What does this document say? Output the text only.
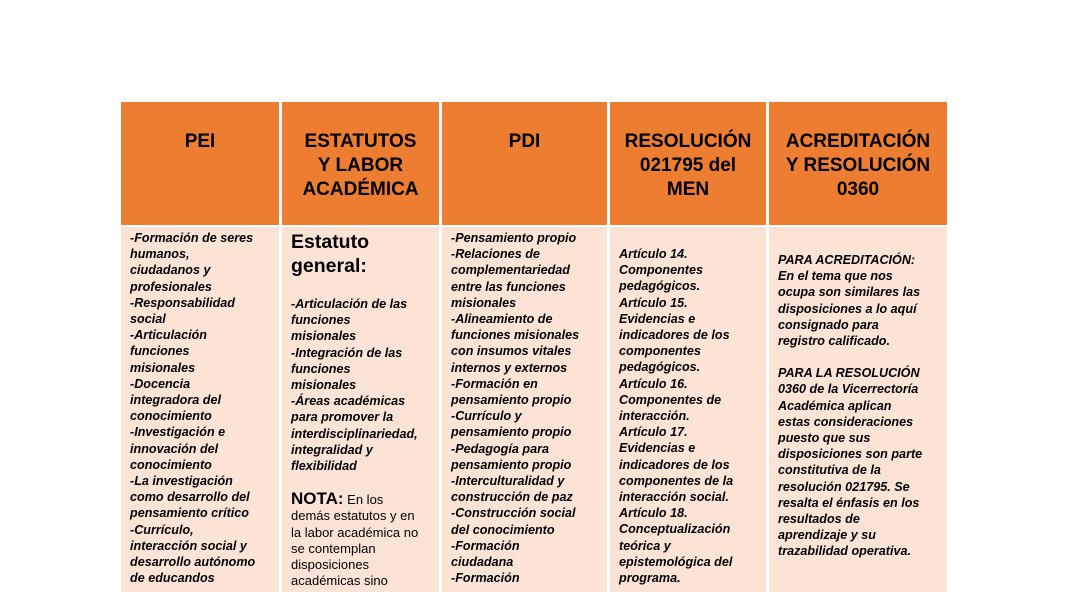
PEI
-Formación de seres
humanos,
ciudadanos y
profesionales
-Responsabilidad
social
-Articulación
funciones
misionales
-Docencia
integradora del
conocimiento
-Investigación e
innovación del
conocimiento
-La investigación
como desarrollo del
pensamiento crítico
-Currículo,
interacción social y
desarrollo autónomo
de educandos
ESTATUTOS
Y LABOR
ACADÉMICA
Estatuto
general:
-Articulación de las
funciones
misionales
-Integración de las
funciones
misionales
-Áreas académicas
para promover la
interdisciplinariedad,
integralidad y
flexibilidad
NOTA: En los
demás estatutos y en
la labor académica no
se contemplan
disposiciones
académicas sino
PDI
-Pensamiento propio
-Relaciones de
complementariedad
entre las funciones
misionales
-Alineamiento de
funciones misionales
con insumos vitales
internos y externos
-Formación en
pensamiento propio
-Currículo y
pensamiento propio
-Pedagogía para
pensamiento propio
-Interculturalidad y
construcción de paz
-Construcción social
del conocimiento
-Formación
ciudadana
-Formación
RESOLUCIÓN
021795 del
MEN
Artículo 14.
Componentes
pedagógicos.
Artículo 15.
Evidencias e
indicadores de los
componentes
pedagógicos.
Artículo 16.
Componentes de
interacción.
Artículo 17.
Evidencias e
indicadores de los
componentes de la
interacción social.
Artículo 18.
Conceptualización
teórica y
epistemológica del
programa.
ACREDITACIÓN
Y RESOLUCIÓN
0360
PARA ACREDITACIÓN:
En el tema que nos
ocupa son similares las
disposiciones a lo aquí
consignado para
registro calificado.
PARA LA RESOLUCIÓN
0360 de la Vicerrectoría
Académica aplican
estas consideraciones
puesto que sus
disposiciones son parte
constitutiva de la
resolución 021795. Se
resalta el énfasis en los
resultados de
aprendizaje y su
trazabilidad operativa.
